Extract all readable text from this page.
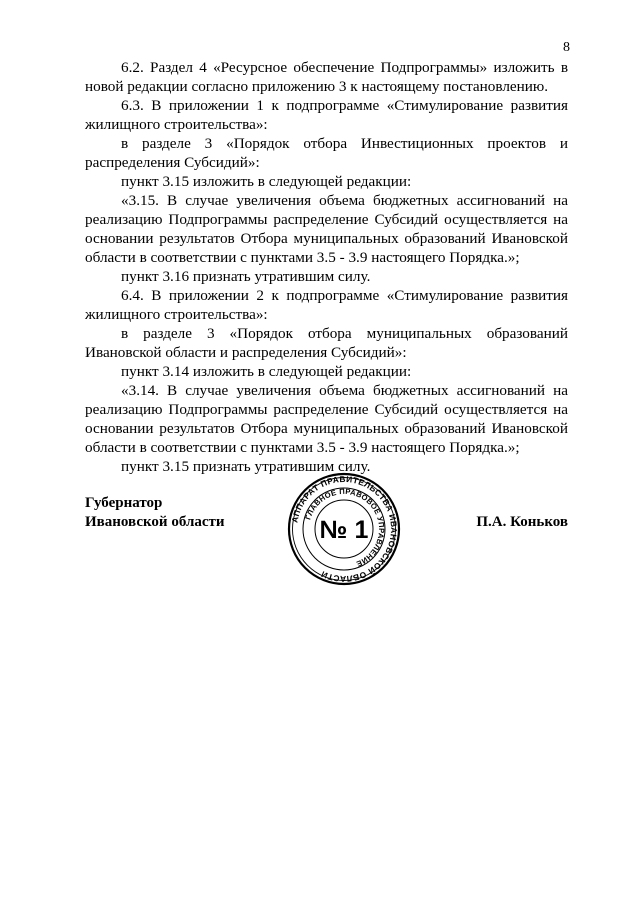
8

6.2. Раздел 4 «Ресурсное обеспечение Подпрограммы» изложить в новой редакции согласно приложению 3 к настоящему постановлению.

6.3. В приложении 1 к подпрограмме «Стимулирование развития жилищного строительства»:

в разделе 3 «Порядок отбора Инвестиционных проектов и распределения Субсидий»:

пункт 3.15 изложить в следующей редакции:

«3.15. В случае увеличения объема бюджетных ассигнований на реализацию Подпрограммы распределение Субсидий осуществляется на основании результатов Отбора муниципальных образований Ивановской области в соответствии с пунктами 3.5 - 3.9 настоящего Порядка.»;

пункт 3.16 признать утратившим силу.

6.4. В приложении 2 к подпрограмме «Стимулирование развития жилищного строительства»:

в разделе 3 «Порядок отбора муниципальных образований Ивановской области и распределения Субсидий»:

пункт 3.14 изложить в следующей редакции:

«3.14. В случае увеличения объема бюджетных ассигнований на реализацию Подпрограммы распределение Субсидий осуществляется на основании результатов Отбора муниципальных образований Ивановской области в соответствии с пунктами 3.5 - 3.9 настоящего Порядка.»;

пункт 3.15 признать утратившим силу.

Губернатор
Ивановской области	АППАРАТ ПРАВИТЕЛЬСТВА ИВАНОВСКОЙ ОБЛАСТИ
ГЛАВНОЕ ПРАВОВОЕ УПРАВЛЕНИЕ
№ 1	П.А. Коньков
